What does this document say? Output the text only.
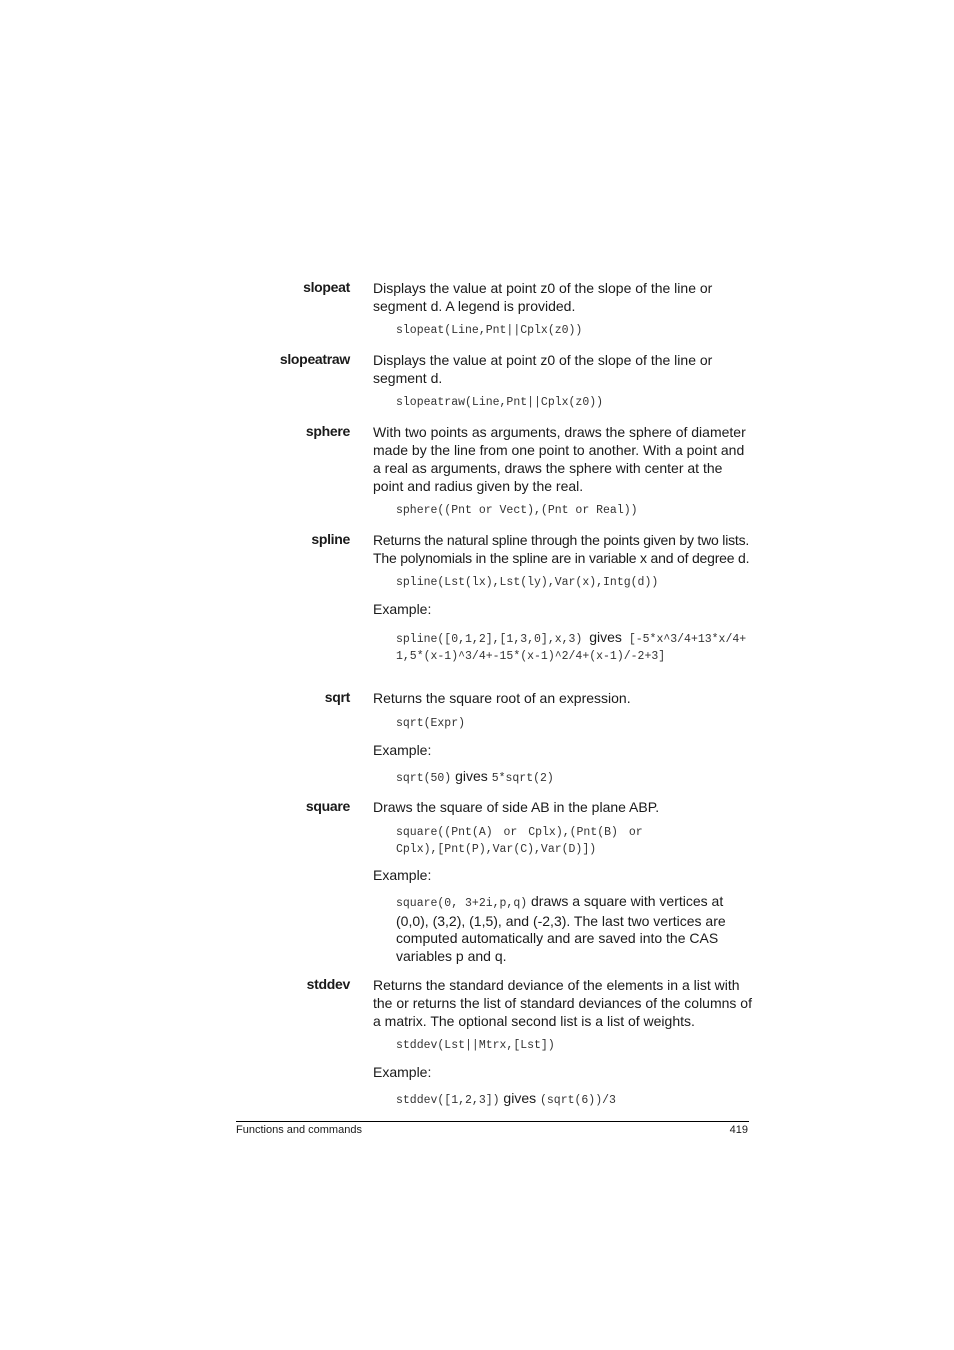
slopeat Displays the value at point z0 of the slope of the line or segment d. A legend is provided.
slopeat(Line,Pnt||Cplx(z0))
slopeatraw Displays the value at point z0 of the slope of the line or segment d.
slopeatraw(Line,Pnt||Cplx(z0))
sphere With two points as arguments, draws the sphere of diameter made by the line from one point to another. With a point and a real as arguments, draws the sphere with center at the point and radius given by the real.
sphere((Pnt or Vect),(Pnt or Real))
spline Returns the natural spline through the points given by two lists. The polynomials in the spline are in variable x and of degree d.
spline(Lst(lx),Lst(ly),Var(x),Intg(d))
Example:
spline([0,1,2],[1,3,0],x,3) gives [-5*x^3/4+13*x/4+1,5*(x-1)^3/4+-15*(x-1)^2/4+(x-1)/-2+3]
sqrt Returns the square root of an expression.
sqrt(Expr)
Example:
sqrt(50) gives 5*sqrt(2)
square Draws the square of side AB in the plane ABP.
square((Pnt(A) or Cplx),(Pnt(B) or Cplx),[Pnt(P),Var(C),Var(D)])
Example:
square(0, 3+2i,p,q) draws a square with vertices at (0,0), (3,2), (1,5), and (-2,3). The last two vertices are computed automatically and are saved into the CAS variables p and q.
stddev Returns the standard deviance of the elements in a list with the or returns the list of standard deviances of the columns of a matrix. The optional second list is a list of weights.
stddev(Lst||Mtrx,[Lst])
Example:
stddev([1,2,3]) gives (sqrt(6))/3
Functions and commands	419
